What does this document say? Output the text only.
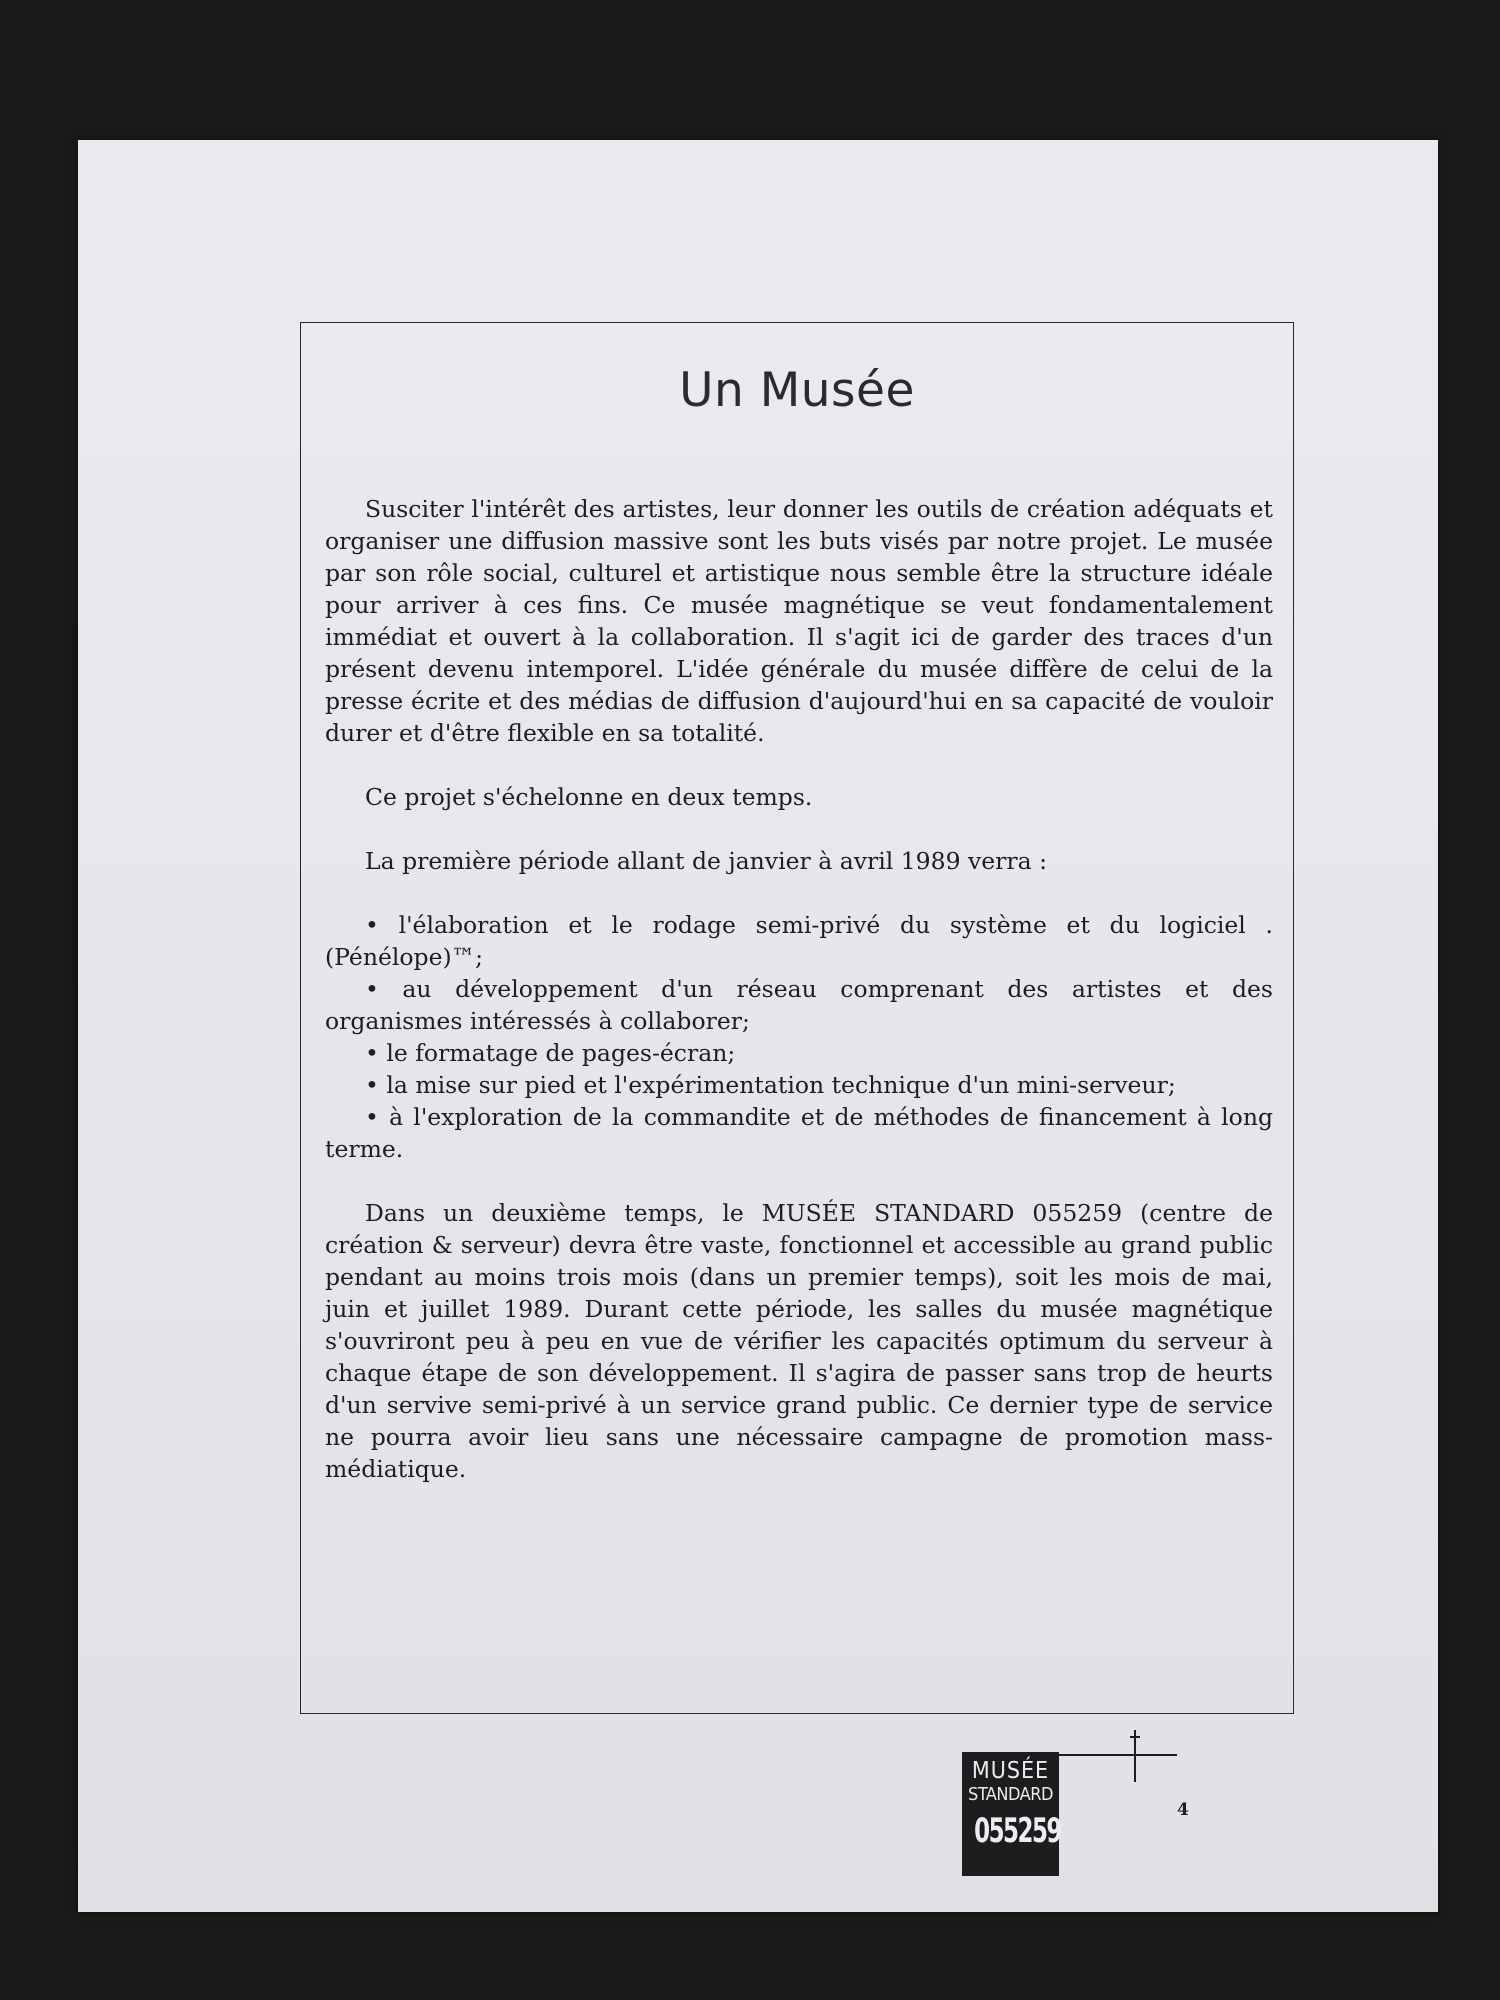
Un Musée

Susciter l'intérêt des artistes, leur donner les outils de création adéquats et organiser une diffusion massive sont les buts visés par notre projet. Le musée par son rôle social, culturel et artistique nous semble être la structure idéale pour arriver à ces fins. Ce musée magnétique se veut fondamentalement immédiat et ouvert à la collaboration. Il s'agit ici de garder des traces d'un présent devenu intemporel. L'idée générale du musée diffère de celui de la presse écrite et des médias de diffusion d'aujourd'hui en sa capacité de vouloir durer et d'être flexible en sa totalité.

Ce projet s'échelonne en deux temps.

La première période allant de janvier à avril 1989 verra :

• l'élaboration et le rodage semi-privé du système et du logiciel .(Pénélope)™;

• au développement d'un réseau comprenant des artistes et des organismes intéressés à collaborer;

• le formatage de pages-écran;

• la mise sur pied et l'expérimentation technique d'un mini-serveur;

• à l'exploration de la commandite et de méthodes de financement à long terme.

Dans un deuxième temps, le MUSÉE STANDARD 055259 (centre de création & serveur) devra être vaste, fonctionnel et accessible au grand public pendant au moins trois mois (dans un premier temps), soit les mois de mai, juin et juillet 1989. Durant cette période, les salles du musée magnétique s'ouvriront peu à peu en vue de vérifier les capacités optimum du serveur à chaque étape de son développement. Il s'agira de passer sans trop de heurts d'un servive semi-privé à un service grand public. Ce dernier type de service ne pourra avoir lieu sans une nécessaire campagne de promotion mass-médiatique.

MUSÉE
STANDARD
055259
4
